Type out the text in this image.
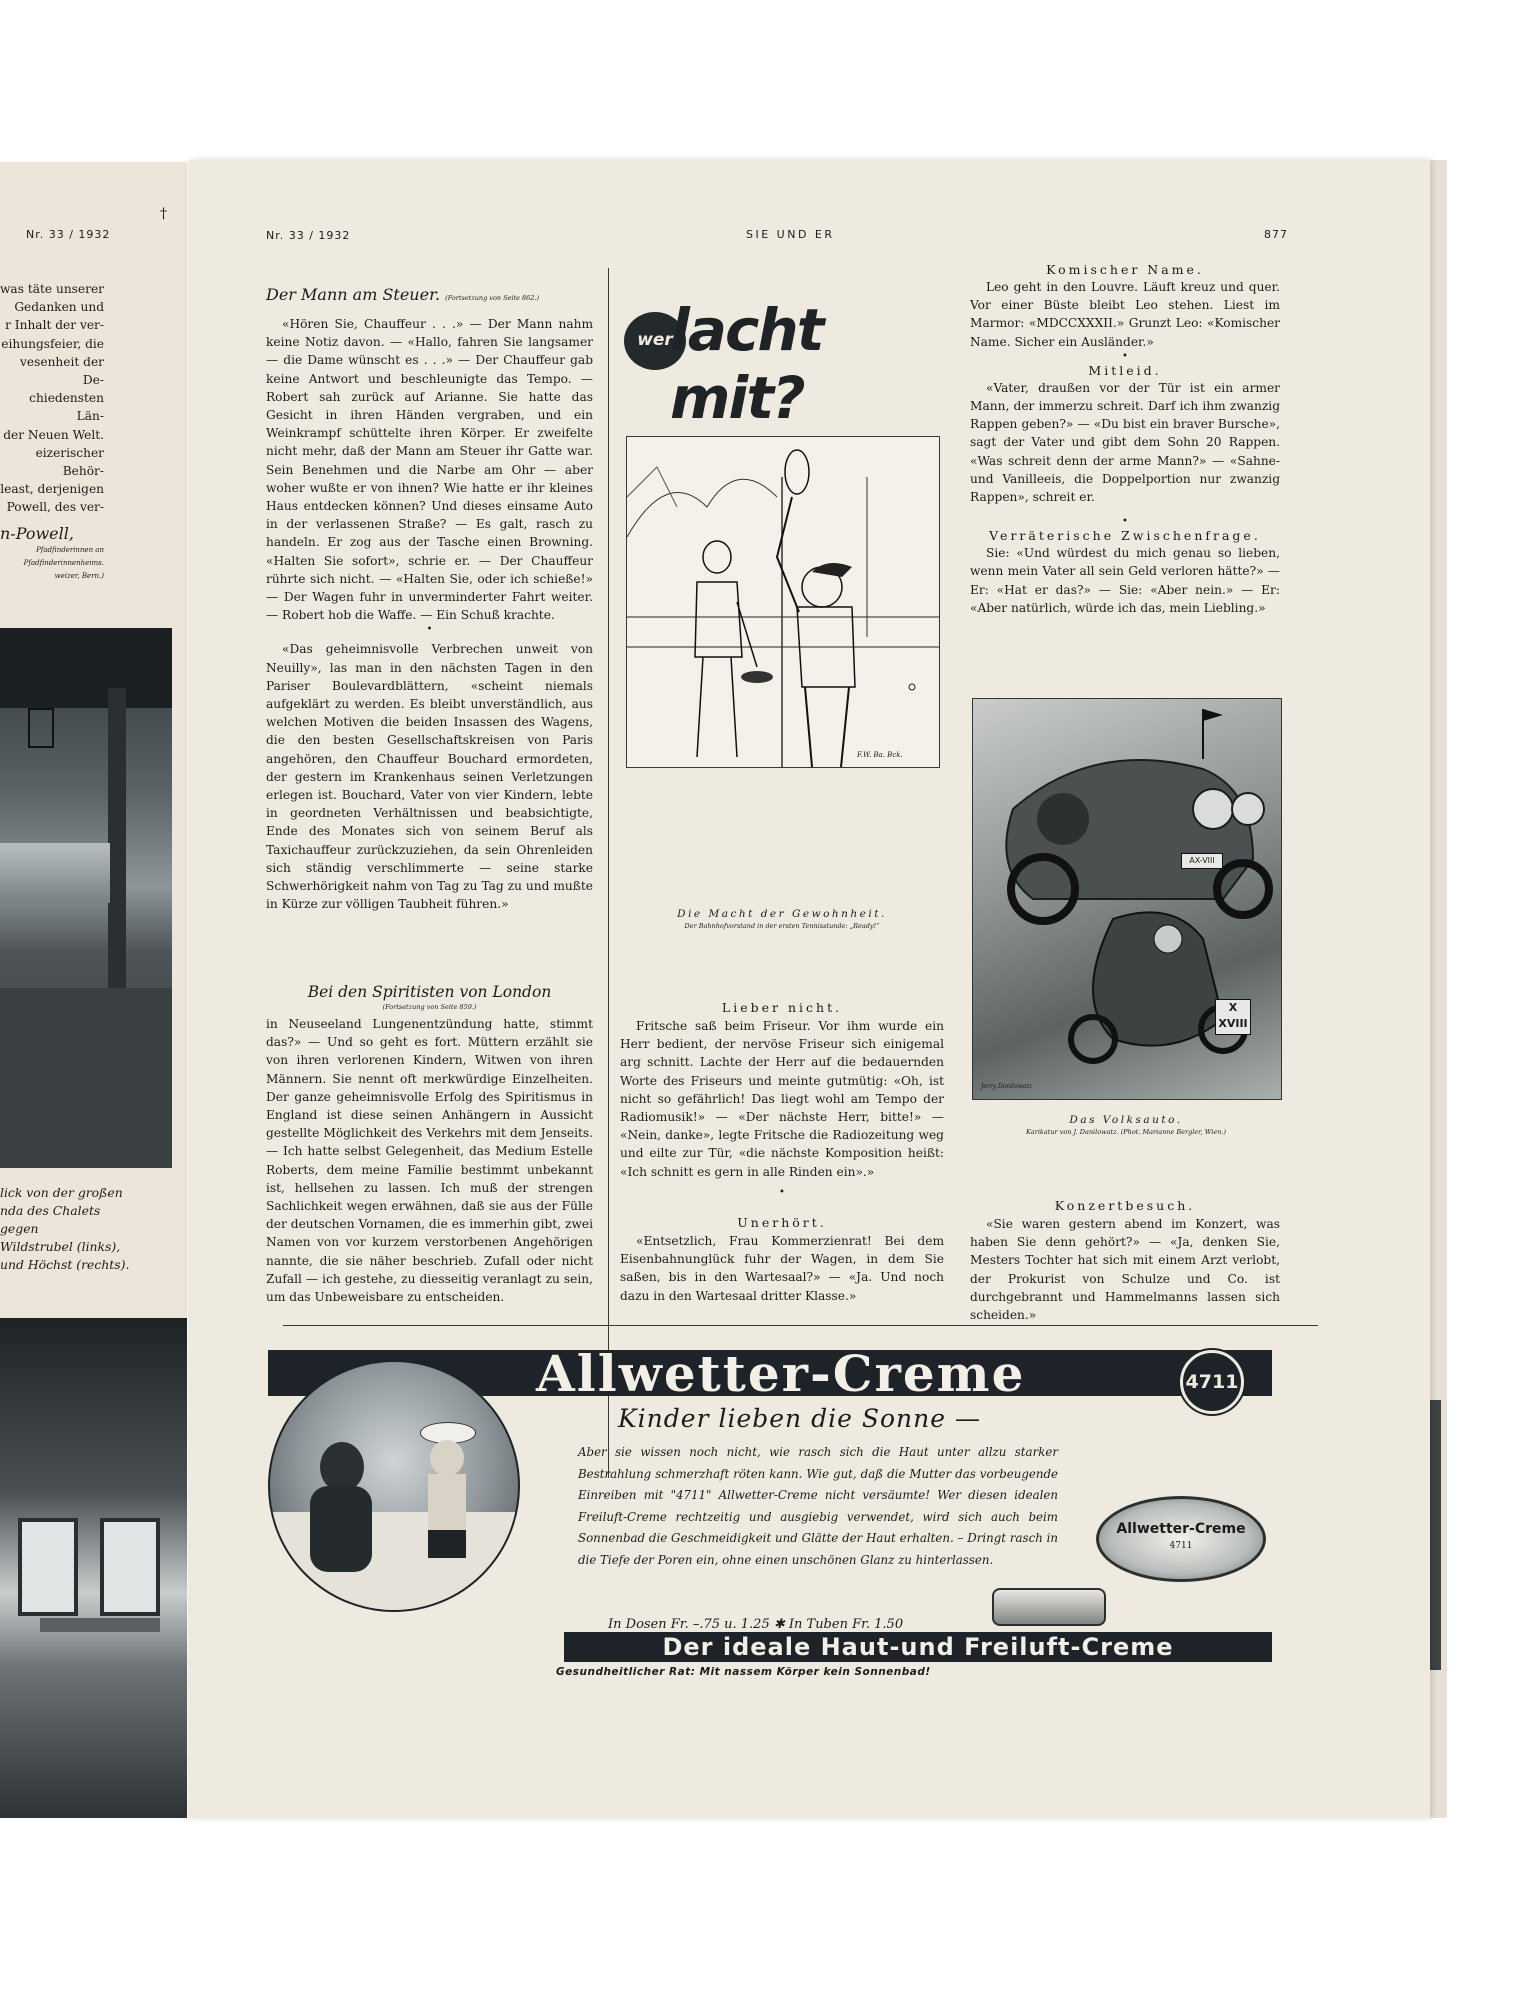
Nr. 33 / 1932
†
was täte unserer
Gedanken und
r Inhalt der ver-
eihungsfeier, die
vesenheit der De-
chiedensten Län-
der Neuen Welt.
eizerischer Behör-
least, derjenigen
Powell, des ver-
n-Powell,
Pfadfinderinnen an
Pfadfinderinnenheims.
weizer, Bern.)
lick von der großen
nda des Chalets gegen
Wildstrubel (links),
und Höchst (rechts).
Nr. 33 / 1932	SIE UND ER	877
Der Mann am Steuer. (Fortsetzung von Seite 862.)

«Hören Sie, Chauffeur . . .» — Der Mann nahm keine Notiz davon. — «Hallo, fahren Sie langsamer — die Dame wünscht es . . .» — Der Chauffeur gab keine Antwort und beschleunigte das Tempo. — Robert sah zurück auf Arianne. Sie hatte das Gesicht in ihren Händen vergraben, und ein Weinkrampf schüttelte ihren Körper. Er zweifelte nicht mehr, daß der Mann am Steuer ihr Gatte war. Sein Benehmen und die Narbe am Ohr — aber woher wußte er von ihnen? Wie hatte er ihr kleines Haus entdecken können? Und dieses einsame Auto in der verlassenen Straße? — Es galt, rasch zu handeln. Er zog aus der Tasche einen Browning. «Halten Sie sofort», schrie er. — Der Chauffeur rührte sich nicht. — «Halten Sie, oder ich schieße!» — Der Wagen fuhr in unverminderter Fahrt weiter. — Robert hob die Waffe. — Ein Schuß krachte.

•

«Das geheimnisvolle Verbrechen unweit von Neuilly», las man in den nächsten Tagen in den Pariser Boulevardblättern, «scheint niemals aufgeklärt zu werden. Es bleibt unverständlich, aus welchen Motiven die beiden Insassen des Wagens, die den besten Gesellschaftskreisen von Paris angehören, den Chauffeur Bouchard ermordeten, der gestern im Krankenhaus seinen Verletzungen erlegen ist. Bouchard, Vater von vier Kindern, lebte in geordneten Verhältnissen und beabsichtigte, Ende des Monates sich von seinem Beruf als Taxichauffeur zurückzuziehen, da sein Ohrenleiden sich ständig verschlimmerte — seine starke Schwerhörigkeit nahm von Tag zu Tag zu und mußte in Kürze zur völligen Taubheit führen.»

Bei den Spiritisten von London
(Fortsetzung von Seite 859.)

in Neuseeland Lungenentzündung hatte, stimmt das?» — Und so geht es fort. Müttern erzählt sie von ihren verlorenen Kindern, Witwen von ihren Männern. Sie nennt oft merkwürdige Einzelheiten. Der ganze geheimnisvolle Erfolg des Spiritismus in England ist diese seinen Anhängern in Aussicht gestellte Möglichkeit des Verkehrs mit dem Jenseits. — Ich hatte selbst Gelegenheit, das Medium Estelle Roberts, dem meine Familie bestimmt unbekannt ist, hellsehen zu lassen. Ich muß der strengen Sachlichkeit wegen erwähnen, daß sie aus der Fülle der deutschen Vornamen, die es immerhin gibt, zwei Namen von vor kurzem verstorbenen Angehörigen nannte, die sie näher beschrieb. Zufall oder nicht Zufall — ich gestehe, zu diesseitig veranlagt zu sein, um das Unbeweisbare zu entscheiden.

wer
lacht mit?
F.W. Ba. Bck.
Die Macht der Gewohnheit.
Der Bahnhofvorstand in der ersten Tennisstunde: „Ready!“
Lieber nicht.

Fritsche saß beim Friseur. Vor ihm wurde ein Herr bedient, der nervöse Friseur sich einigemal arg schnitt. Lachte der Herr auf die bedauernden Worte des Friseurs und meinte gutmütig: «Oh, ist nicht so gefährlich! Das liegt wohl am Tempo der Radiomusik!» — «Der nächste Herr, bitte!» — «Nein, danke», legte Fritsche die Radiozeitung weg und eilte zur Tür, «die nächste Komposition heißt: «Ich schnitt es gern in alle Rinden ein».»

•
Unerhört.

«Entsetzlich, Frau Kommerzienrat! Bei dem Eisenbahnunglück fuhr der Wagen, in dem Sie saßen, bis in den Wartesaal?» — «Ja. Und noch dazu in den Wartesaal dritter Klasse.»

Komischer Name.

Leo geht in den Louvre. Läuft kreuz und quer. Vor einer Büste bleibt Leo stehen. Liest im Marmor: «MDCCXXXII.» Grunzt Leo: «Komischer Name. Sicher ein Ausländer.»

•
Mitleid.

«Vater, draußen vor der Tür ist ein armer Mann, der immerzu schreit. Darf ich ihm zwanzig Rappen geben?» — «Du bist ein braver Bursche», sagt der Vater und gibt dem Sohn 20 Rappen. «Was schreit denn der arme Mann?» — «Sahne- und Vanilleeis, die Doppelportion nur zwanzig Rappen», schreit er.

•
Verräterische Zwischenfrage.

Sie: «Und würdest du mich genau so lieben, wenn mein Vater all sein Geld verloren hätte?» — Er: «Hat er das?» — Sie: «Aber nein.» — Er: «Aber natürlich, würde ich das, mein Liebling.»

AX-VIII
X XVIII
Jerry Danilowatz
Das Volksauto.
Karikatur von J. Danilowatz. (Phot. Marianne Bergler, Wien.)
Konzertbesuch.

«Sie waren gestern abend im Konzert, was haben Sie denn gehört?» — «Ja, denken Sie, Mesters Tochter hat sich mit einem Arzt verlobt, der Prokurist von Schulze und Co. ist durchgebrannt und Hammelmanns lassen sich scheiden.»

Allwetter-Creme	4711
129
Kinder lieben die Sonne —
Aber sie wissen noch nicht, wie rasch sich die Haut unter allzu starker Bestrahlung schmerzhaft röten kann. Wie gut, daß die Mutter das vorbeugende Einreiben mit "4711" Allwetter-Creme nicht versäumte! Wer diesen idealen Freiluft-Creme rechtzeitig und ausgiebig verwendet, wird sich auch beim Sonnenbad die Geschmeidigkeit und Glätte der Haut erhalten. – Dringt rasch in die Tiefe der Poren ein, ohne einen unschönen Glanz zu hinterlassen.
In Dosen Fr. –.75 u. 1.25 ✱ In Tuben Fr. 1.50
Allwetter-Creme
4711
Der ideale Haut-und Freiluft-Creme
Gesundheitlicher Rat: Mit nassem Körper kein Sonnenbad!
